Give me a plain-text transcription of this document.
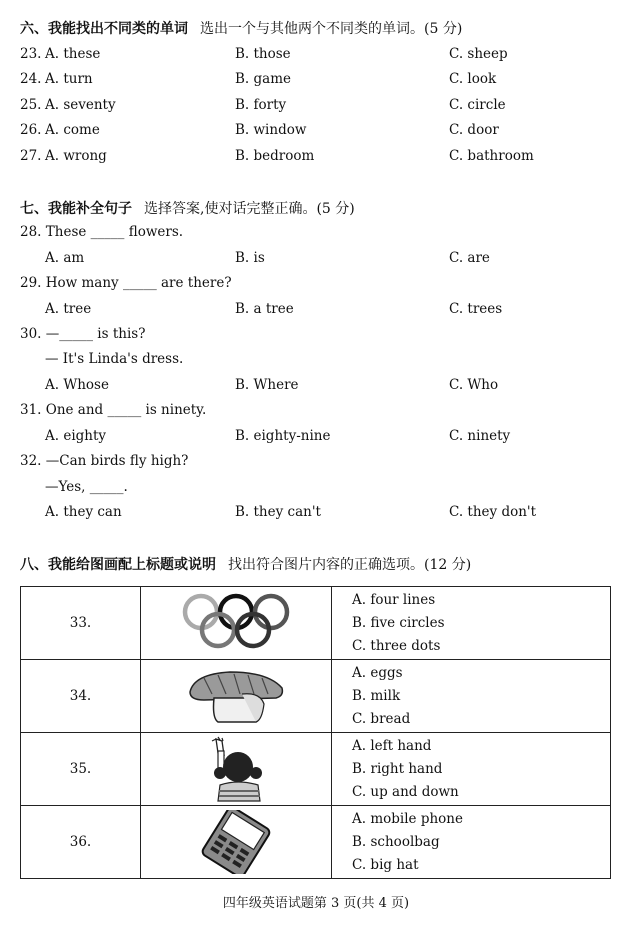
六、我能找出不同类的单词 选出一个与其他两个不同类的单词。(5 分)
23. A. these	B. those	C. sheep
24. A. turn	B. game	C. look
25. A. seventy	B. forty	C. circle
26. A. come	B. window	C. door
27. A. wrong	B. bedroom	C. bathroom
七、我能补全句子 选择答案,使对话完整正确。(5 分)
28. These _____ flowers.
A. am	B. is	C. are
29. How many _____ are there?
A. tree	B. a tree	C. trees
30. —_____ is this?
— It's Linda's dress.
A. Whose	B. Where	C. Who
31. One and _____ is ninety.
A. eighty	B. eighty-nine	C. ninety
32. —Can birds fly high?
—Yes, _____.
A. they can	B. they can't	C. they don't
八、我能给图画配上标题或说明 找出符合图片内容的正确选项。(12 分)
33.		A. four lines
B. five circles
C. three dots

34.		A. eggs
B. milk
C. bread

35.		A. left hand
B. right hand
C. up and down

36.		A. mobile phone
B. schoolbag
C. big hat
四年级英语试题第 3 页(共 4 页)
